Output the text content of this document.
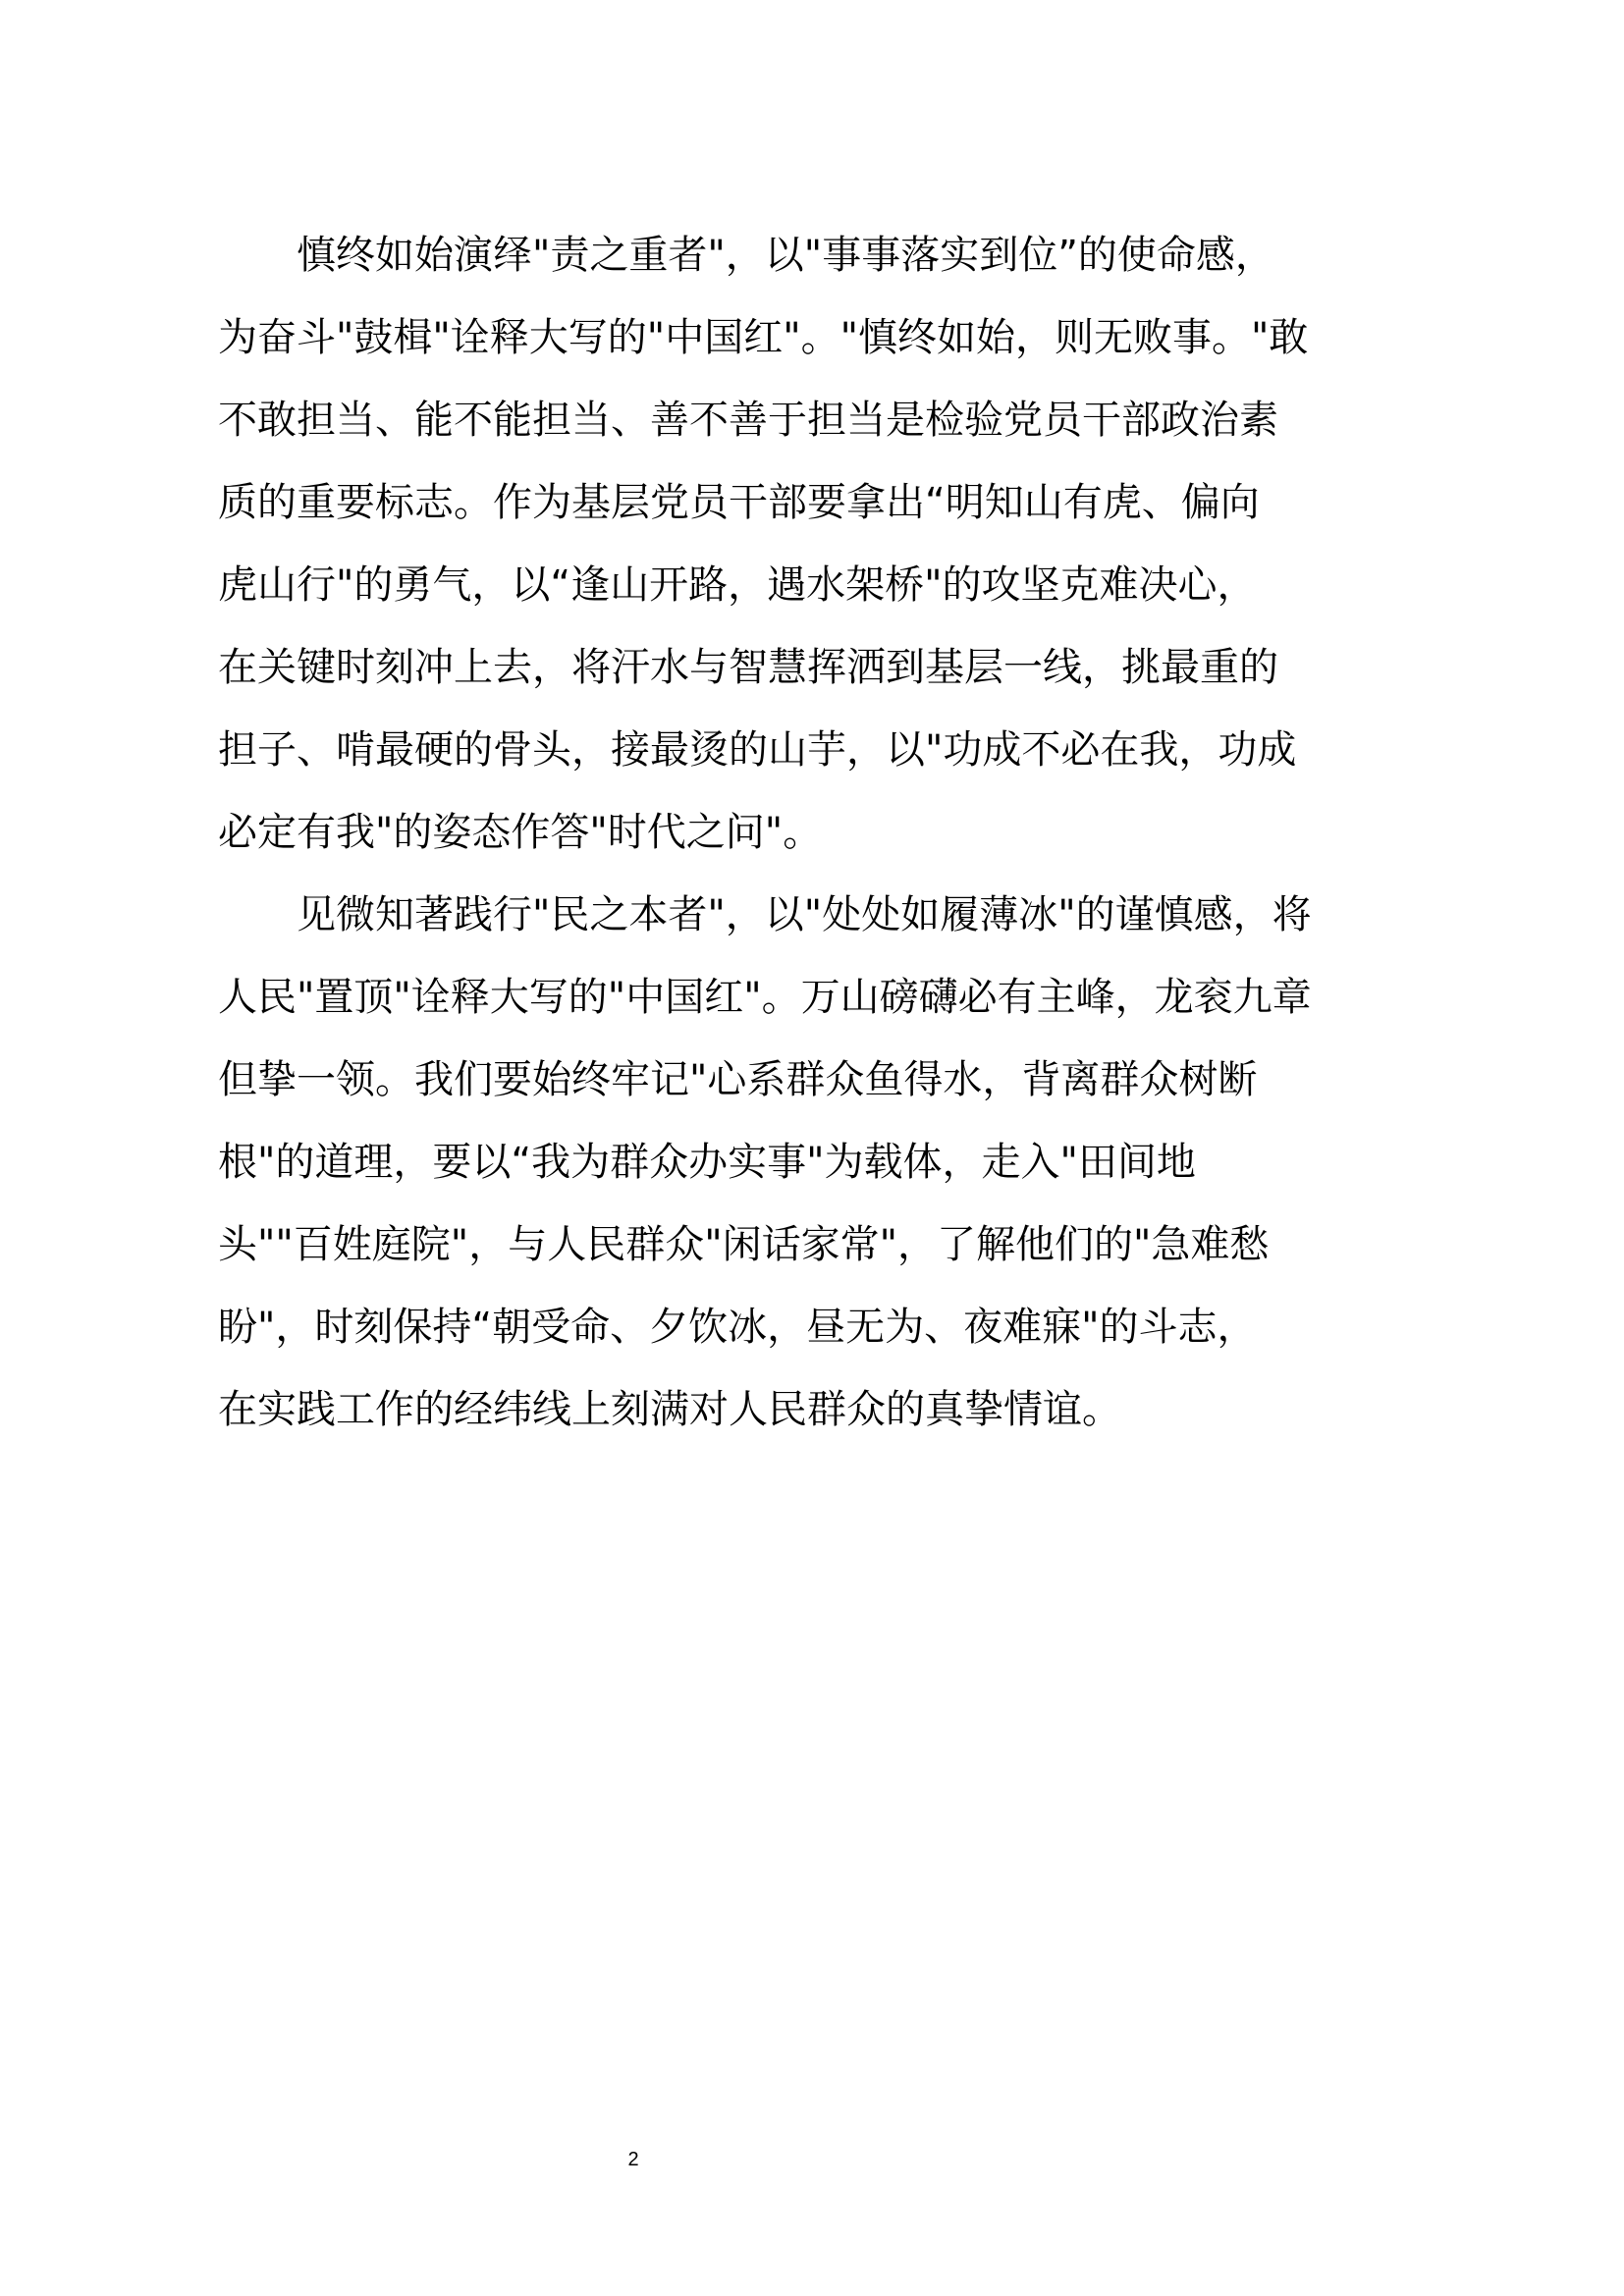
　　慎终如始演绎"责之重者"，以"事事落实到位”的使命感，
为奋斗"鼓楫"诠释大写的"中国红"。"慎终如始，则无败事。"敢
不敢担当、能不能担当、善不善于担当是检验党员干部政治素
质的重要标志。作为基层党员干部要拿出“明知山有虎、偏向
虎山行"的勇气，以“逢山开路，遇水架桥"的攻坚克难决心，
在关键时刻冲上去，将汗水与智慧挥洒到基层一线，挑最重的
担子、啃最硬的骨头，接最烫的山芋，以"功成不必在我，功成
必定有我"的姿态作答"时代之问"。
　　见微知著践行"民之本者"，以"处处如履薄冰"的谨慎感，将
人民"置顶"诠释大写的"中国红"。万山磅礴必有主峰，龙衮九章
但挚一领。我们要始终牢记"心系群众鱼得水，背离群众树断
根"的道理，要以“我为群众办实事"为载体，走入"田间地
头""百姓庭院"，与人民群众"闲话家常"，了解他们的"急难愁
盼"，时刻保持“朝受命、夕饮冰，昼无为、夜难寐"的斗志，
在实践工作的经纬线上刻满对人民群众的真挚情谊。
2
